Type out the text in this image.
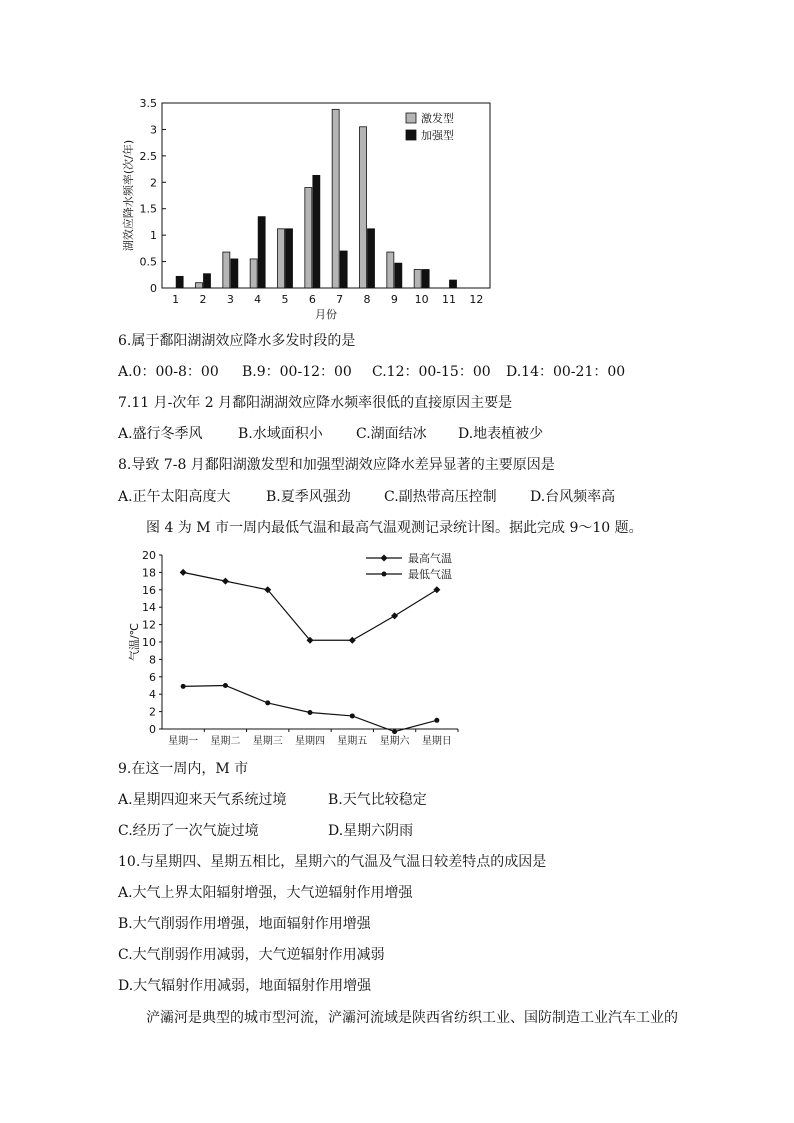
0
0.5
1
1.5
2
2.5
3
3.5
1 2 3 4 5 6 7 8 9 10 11 12
月份
湖效应降水频率(次/年)
激发型
加强型
6.属于鄱阳湖湖效应降水多发时段的是
A.0：00-8：00 B.9：00-12：00 C.12：00-15：00 D.14：00-21：00
7.11 月-次年 2 月鄱阳湖湖效应降水频率很低的直接原因主要是
A.盛行冬季风	B.水域面积小 C.湖面结冰 D.地表植被少
8.导致 7-8 月鄱阳湖激发型和加强型湖效应降水差异显著的主要原因是
A.正午太阳高度大	B.夏季风强劲 C.副热带高压控制 D.台风频率高
图 4 为 M 市一周内最低气温和最高气温观测记录统计图。据此完成 9～10 题。
0
2
4
6
8
10
12
14
16
18
20
星期一 星期二 星期三 星期四 星期五 星期六 星期日
气温/℃
最高气温
最低气温
9.在这一周内，M 市
A.星期四迎来天气系统过境	B.天气比较稳定
C.经历了一次气旋过境	D.星期六阴雨
10.与星期四、星期五相比，星期六的气温及气温日较差特点的成因是
A.大气上界太阳辐射增强，大气逆辐射作用增强
B.大气削弱作用增强，地面辐射作用增强
C.大气削弱作用减弱，大气逆辐射作用减弱
D.大气辐射作用减弱，地面辐射作用增强
浐灞河是典型的城市型河流，浐灞河流域是陕西省纺织工业、国防制造工业汽车工业的
